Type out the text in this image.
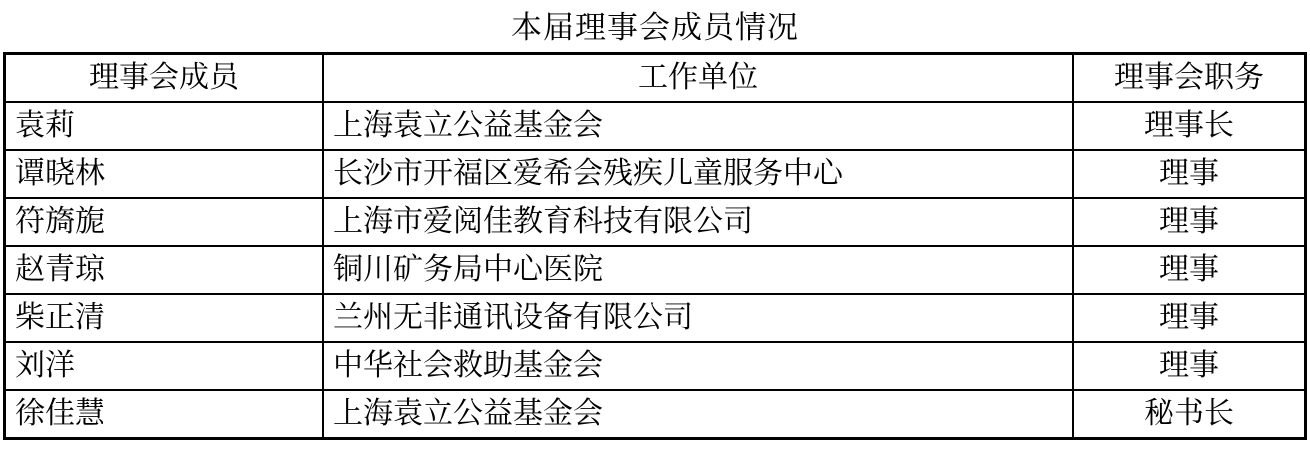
本届理事会成员情况
理事会成员	工作单位	理事会职务
袁莉	上海袁立公益基金会	理事长
谭晓林	长沙市开福区爱希会残疾儿童服务中心	理事
符旖旎	上海市爱阅佳教育科技有限公司	理事
赵青琼	铜川矿务局中心医院	理事
柴正清	兰州无非通讯设备有限公司	理事
刘洋	中华社会救助基金会	理事
徐佳慧	上海袁立公益基金会	秘书长
